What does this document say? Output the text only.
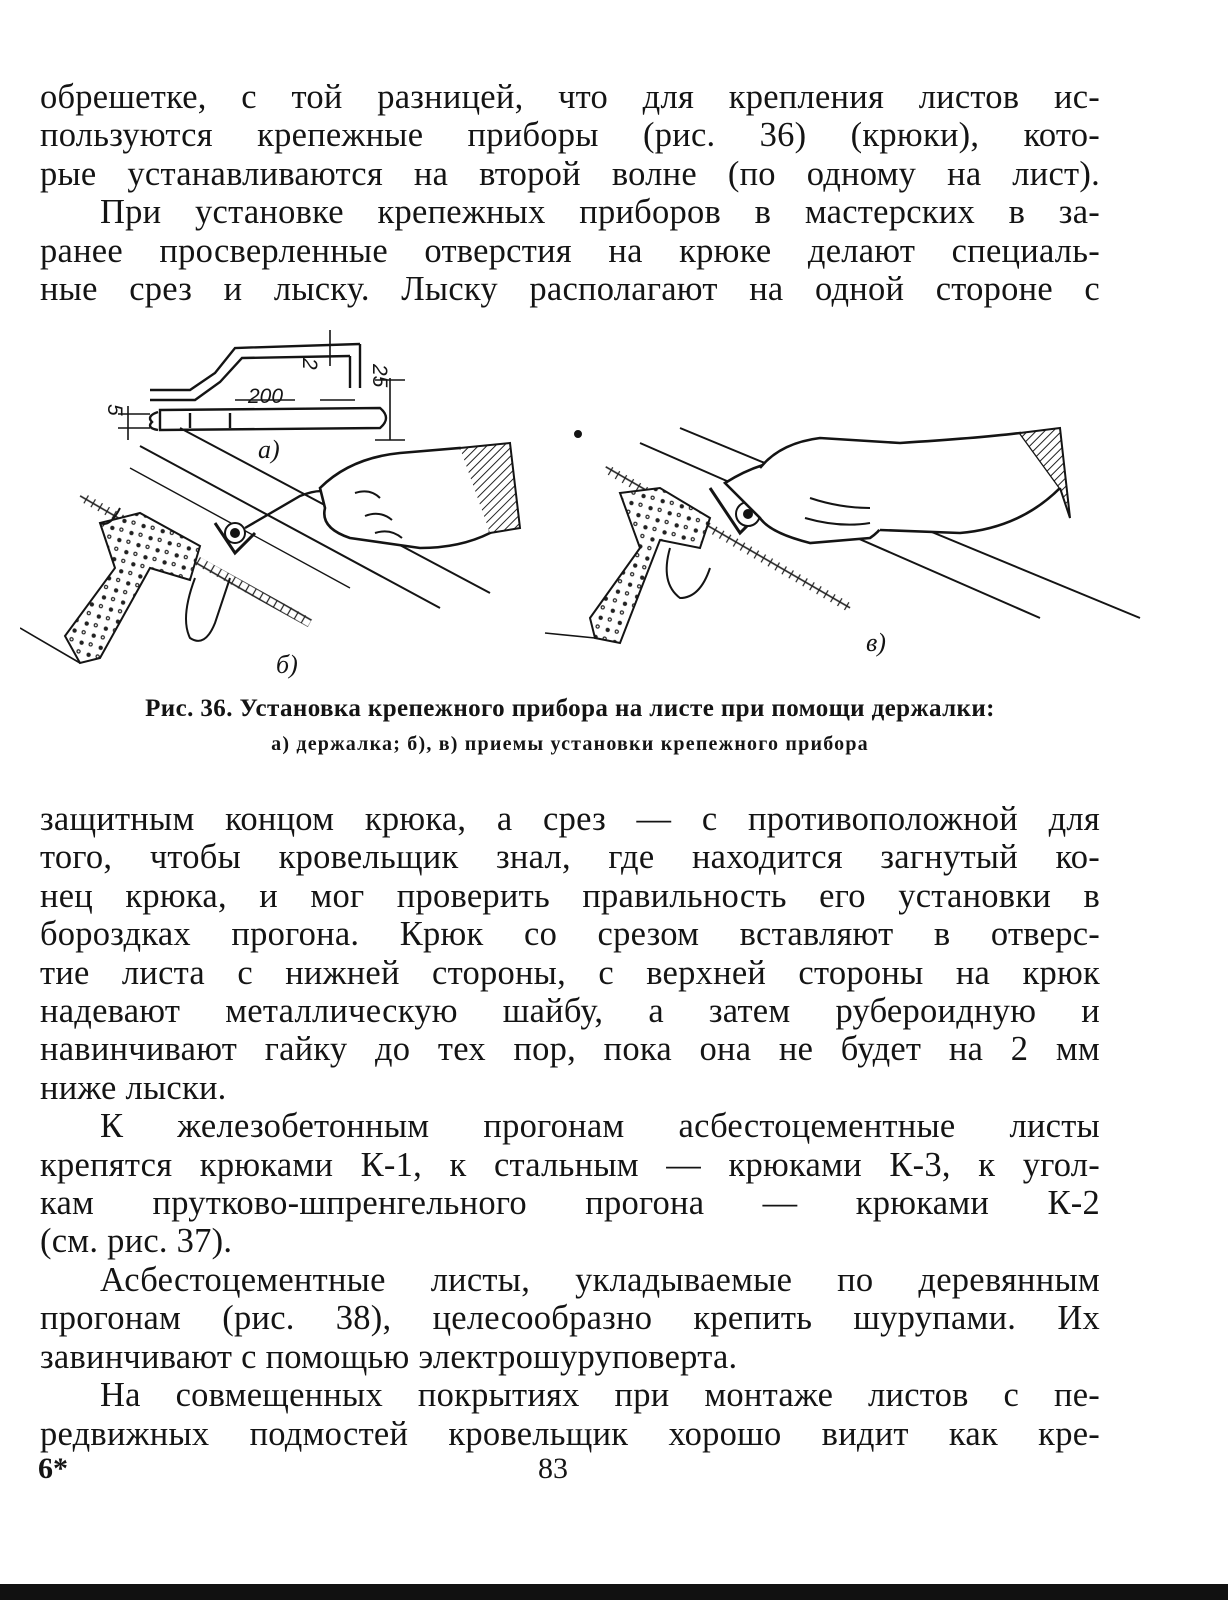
обрешетке, с той разницей, что для крепления листов ис-
пользуются крепежные приборы (рис. 36) (крюки), кото-
рые устанавливаются на второй волне (по одному на лист).

При установке крепежных приборов в мастерских в за-
ранее просверленные отверстия на крюке делают специаль-
ные срез и лыску. Лыску располагают на одной стороне с

200
25
2
5
а)
б)
в)
Рис. 36. Установка крепежного прибора на листе при помощи держалки:
а) держалка; б), в) приемы установки крепежного прибора

защитным концом крюка, а срез — с противоположной для
того, чтобы кровельщик знал, где находится загнутый ко-
нец крюка, и мог проверить правильность его установки в
бороздках прогона. Крюк со срезом вставляют в отверс-
тие листа с нижней стороны, с верхней стороны на крюк
надевают металлическую шайбу, а затем рубероидную и
навинчивают гайку до тех пор, пока она не будет на 2 мм
ниже лыски.

К железобетонным прогонам асбестоцементные листы
крепятся крюками К-1, к стальным — крюками К-3, к угол-
кам прутково-шпренгельного прогона — крюками К-2
(см. рис. 37).

Асбестоцементные листы, укладываемые по деревянным
прогонам (рис. 38), целесообразно крепить шурупами. Их
завинчивают с помощью электрошуруповерта.

На совмещенных покрытиях при монтаже листов с пе-
редвижных подмостей кровельщик хорошо видит как кре-

6*	83
